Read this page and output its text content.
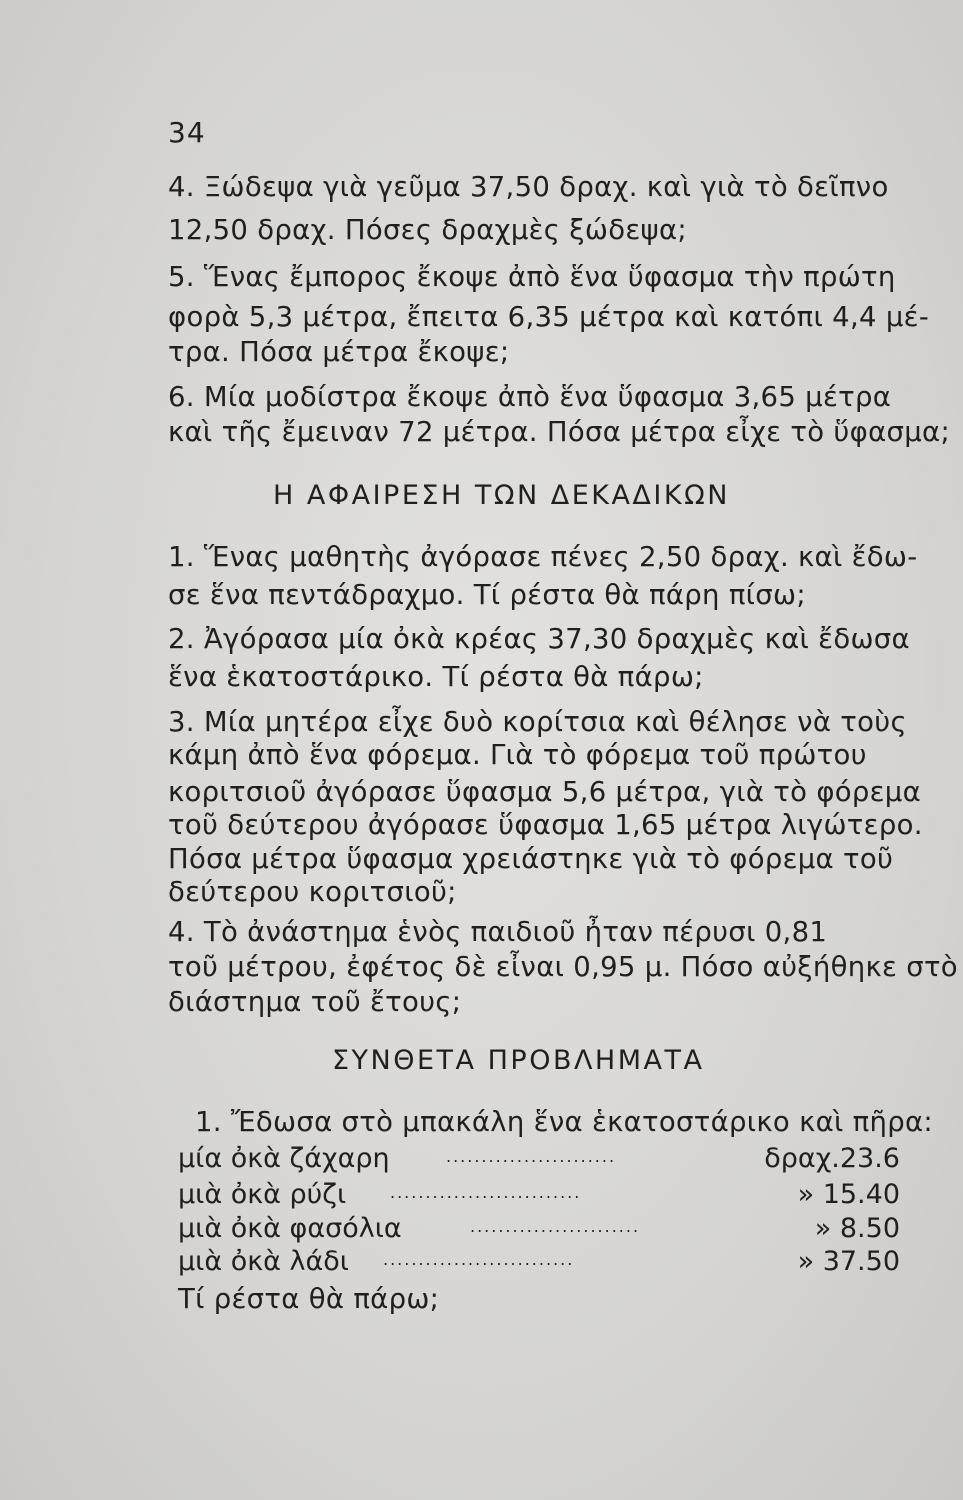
34
4. Ξώδεψα γιὰ γεῦμα 37,50 δραχ. καὶ γιὰ τὸ δεῖπνο
12,50 δραχ. Πόσες δραχμὲς ξώδεψα;
5. Ἕνας ἔμπορος ἔκοψε ἀπὸ ἕνα ὕφασμα τὴν πρώτη
φορὰ 5,3 μέτρα, ἔπειτα 6,35 μέτρα καὶ κατόπι 4,4 μέ-
τρα. Πόσα μέτρα ἔκοψε;
6. Μία μοδίστρα ἔκοψε ἀπὸ ἕνα ὕφασμα 3,65 μέτρα
καὶ τῆς ἔμειναν 72 μέτρα. Πόσα μέτρα εἶχε τὸ ὕφασμα;
Η ΑΦΑΙΡΕΣΗ ΤΩΝ ΔΕΚΑΔΙΚΩΝ
1. Ἕνας μαθητὴς ἀγόρασε πένες 2,50 δραχ. καὶ ἔδω-
σε ἕνα πεντάδραχμο. Τί ρέστα θὰ πάρη πίσω;
2. Ἀγόρασα μία ὀκὰ κρέας 37,30 δραχμὲς καὶ ἔδωσα
ἕνα ἑκατοστάρικο. Τί ρέστα θὰ πάρω;
3. Μία μητέρα εἶχε δυὸ κορίτσια καὶ θέλησε νὰ τοὺς
κάμη ἀπὸ ἕνα φόρεμα. Γιὰ τὸ φόρεμα τοῦ πρώτου
κοριτσιοῦ ἀγόρασε ὕφασμα 5,6 μέτρα, γιὰ τὸ φόρεμα
τοῦ δεύτερου ἀγόρασε ὕφασμα 1,65 μέτρα λιγώτερο.
Πόσα μέτρα ὕφασμα χρειάστηκε γιὰ τὸ φόρεμα τοῦ
δεύτερου κοριτσιοῦ;
4. Τὸ ἀνάστημα ἑνὸς παιδιοῦ ἦταν πέρυσι 0,81
τοῦ μέτρου, ἐφέτος δὲ εἶναι 0,95 μ. Πόσο αὐξήθηκε στὸ
διάστημα τοῦ ἔτους;
ΣΥΝΘΕΤΑ ΠΡΟΒΛΗΜΑΤΑ
1. Ἔδωσα στὸ μπακάλη ἕνα ἑκατοστάρικο καὶ πῆρα:
μία ὀκὰ ζάχαρη	........................	δραχ.23.6
μιὰ ὀκὰ ρύζι	...........................	» 15.40
μιὰ ὀκὰ φασόλια	........................	» 8.50
μιὰ ὀκὰ λάδι ...........................	» 37.50
Τί ρέστα θὰ πάρω;
